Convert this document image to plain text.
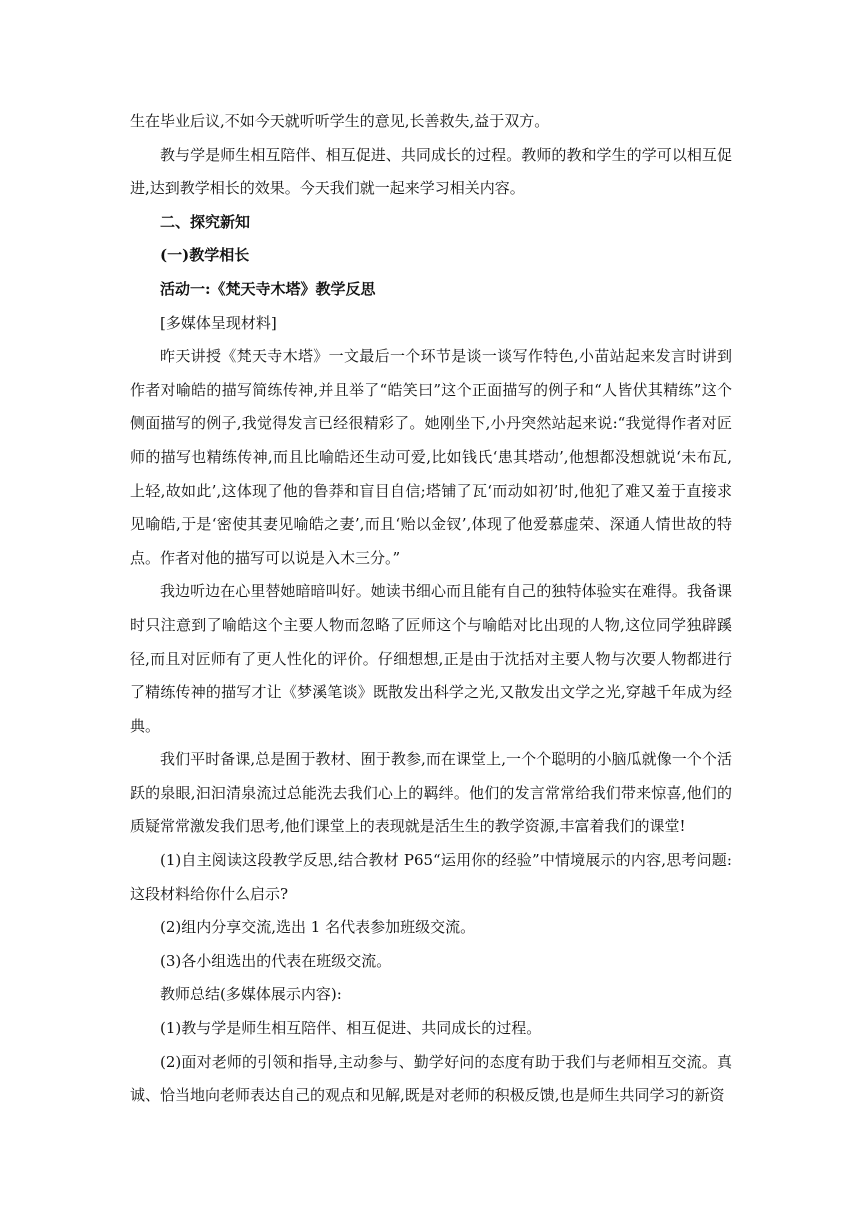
生在毕业后议,不如今天就听听学生的意见,长善救失,益于双方。

教与学是师生相互陪伴、相互促进、共同成长的过程。教师的教和学生的学可以相互促进,达到教学相长的效果。今天我们就一起来学习相关内容。

二、探究新知

(一)教学相长

活动一:《梵天寺木塔》教学反思

[多媒体呈现材料]

昨天讲授《梵天寺木塔》一文最后一个环节是谈一谈写作特色,小苗站起来发言时讲到作者对喻皓的描写简练传神,并且举了“皓笑曰”这个正面描写的例子和“人皆伏其精练”这个侧面描写的例子,我觉得发言已经很精彩了。她刚坐下,小丹突然站起来说:“我觉得作者对匠师的描写也精练传神,而且比喻皓还生动可爱,比如钱氏‘患其塔动’,他想都没想就说‘未布瓦,上轻,故如此’,这体现了他的鲁莽和盲目自信;塔铺了瓦‘而动如初’时,他犯了难又羞于直接求见喻皓,于是‘密使其妻见喻皓之妻’,而且‘贻以金钗’,体现了他爱慕虚荣、深通人情世故的特点。作者对他的描写可以说是入木三分。”

我边听边在心里替她暗暗叫好。她读书细心而且能有自己的独特体验实在难得。我备课时只注意到了喻皓这个主要人物而忽略了匠师这个与喻皓对比出现的人物,这位同学独辟蹊径,而且对匠师有了更人性化的评价。仔细想想,正是由于沈括对主要人物与次要人物都进行了精练传神的描写才让《梦溪笔谈》既散发出科学之光,又散发出文学之光,穿越千年成为经典。

我们平时备课,总是囿于教材、囿于教参,而在课堂上,一个个聪明的小脑瓜就像一个个活跃的泉眼,汩汩清泉流过总能洗去我们心上的羁绊。他们的发言常常给我们带来惊喜,他们的质疑常常激发我们思考,他们课堂上的表现就是活生生的教学资源,丰富着我们的课堂!

(1)自主阅读这段教学反思,结合教材 P65“运用你的经验”中情境展示的内容,思考问题:这段材料给你什么启示?

(2)组内分享交流,选出 1 名代表参加班级交流。

(3)各小组选出的代表在班级交流。

教师总结(多媒体展示内容):

(1)教与学是师生相互陪伴、相互促进、共同成长的过程。

(2)面对老师的引领和指导,主动参与、勤学好问的态度有助于我们与老师相互交流。真诚、恰当地向老师表达自己的观点和见解,既是对老师的积极反馈,也是师生共同学习的新资
